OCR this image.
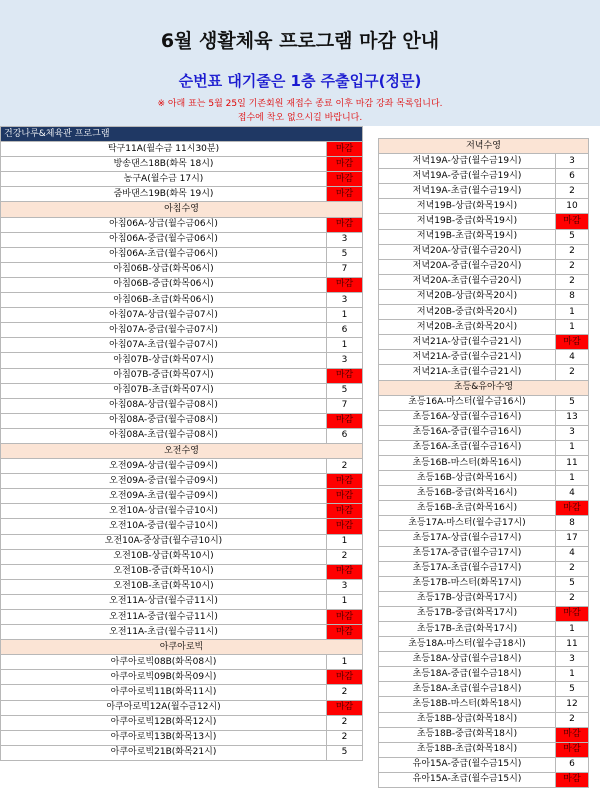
6월 생활체육 프로그램 마감 안내
순번표 대기줄은 1층 주출입구(정문)
※ 아래 표는 5월 25일 기존회원 재접수 종료 이후 마감 강좌 목록입니다.
접수에 착오 없으시길 바랍니다.
건강나루&체육관 프로그램	
탁구11A(월수금 11시30분)	마감
방송댄스18B(화목 18시)	마감
농구A(월수금 17시)	마감
줌바댄스19B(화목 19시)	마감
아침수영	
아침06A-상급(월수금06시)	마감
아침06A-중급(월수금06시)	3
아침06A-초급(월수금06시)	5
아침06B-상급(화목06시)	7
아침06B-중급(화목06시)	마감
아침06B-초급(화목06시)	3
아침07A-상급(월수금07시)	1
아침07A-중급(월수금07시)	6
아침07A-초급(월수금07시)	1
아침07B-상급(화목07시)	3
아침07B-중급(화목07시)	마감
아침07B-초급(화목07시)	5
아침08A-상급(월수금08시)	7
아침08A-중급(월수금08시)	마감
아침08A-초급(월수금08시)	6
오전수영	
오전09A-상급(월수금09시)	2
오전09A-중급(월수금09시)	마감
오전09A-초급(월수금09시)	마감
오전10A-상급(월수금10시)	마감
오전10A-중급(월수금10시)	마감
오전10A-중상급(월수금10시)	1
오전10B-상급(화목10시)	2
오전10B-중급(화목10시)	마감
오전10B-초급(화목10시)	3
오전11A-상급(월수금11시)	1
오전11A-중급(월수금11시)	마감
오전11A-초급(월수금11시)	마감
아쿠아로빅	
아쿠아로빅08B(화목08시)	1
아쿠아로빅09B(화목09시)	마감
아쿠아로빅11B(화목11시)	2
아쿠아로빅12A(월수금12시)	마감
아쿠아로빅12B(화목12시)	2
아쿠아로빅13B(화목13시)	2
아쿠아로빅21B(화목21시)	5
저녁수영	
저녁19A-상급(월수금19시)	3
저녁19A-중급(월수금19시)	6
저녁19A-초급(월수금19시)	2
저녁19B-상급(화목19시)	10
저녁19B-중급(화목19시)	마감
저녁19B-초급(화목19시)	5
저녁20A-상급(월수금20시)	2
저녁20A-중급(월수금20시)	2
저녁20A-초급(월수금20시)	2
저녁20B-상급(화목20시)	8
저녁20B-중급(화목20시)	1
저녁20B-초급(화목20시)	1
저녁21A-상급(월수금21시)	마감
저녁21A-중급(월수금21시)	4
저녁21A-초급(월수금21시)	2
초등&유아수영	
초등16A-마스터(월수금16시)	5
초등16A-상급(월수금16시)	13
초등16A-중급(월수금16시)	3
초등16A-초급(월수금16시)	1
초등16B-마스터(화목16시)	11
초등16B-상급(화목16시)	1
초등16B-중급(화목16시)	4
초등16B-초급(화목16시)	마감
초등17A-마스터(월수금17시)	8
초등17A-상급(월수금17시)	17
초등17A-중급(월수금17시)	4
초등17A-초급(월수금17시)	2
초등17B-마스터(화목17시)	5
초등17B-상급(화목17시)	2
초등17B-중급(화목17시)	마감
초등17B-초급(화목17시)	1
초등18A-마스터(월수금18시)	11
초등18A-상급(월수금18시)	3
초등18A-중급(월수금18시)	1
초등18A-초급(월수금18시)	5
초등18B-마스터(화목18시)	12
초등18B-상급(화목18시)	2
초등18B-중급(화목18시)	마감
초등18B-초급(화목18시)	마감
유아15A-중급(월수금15시)	6
유아15A-초급(월수금15시)	마감
